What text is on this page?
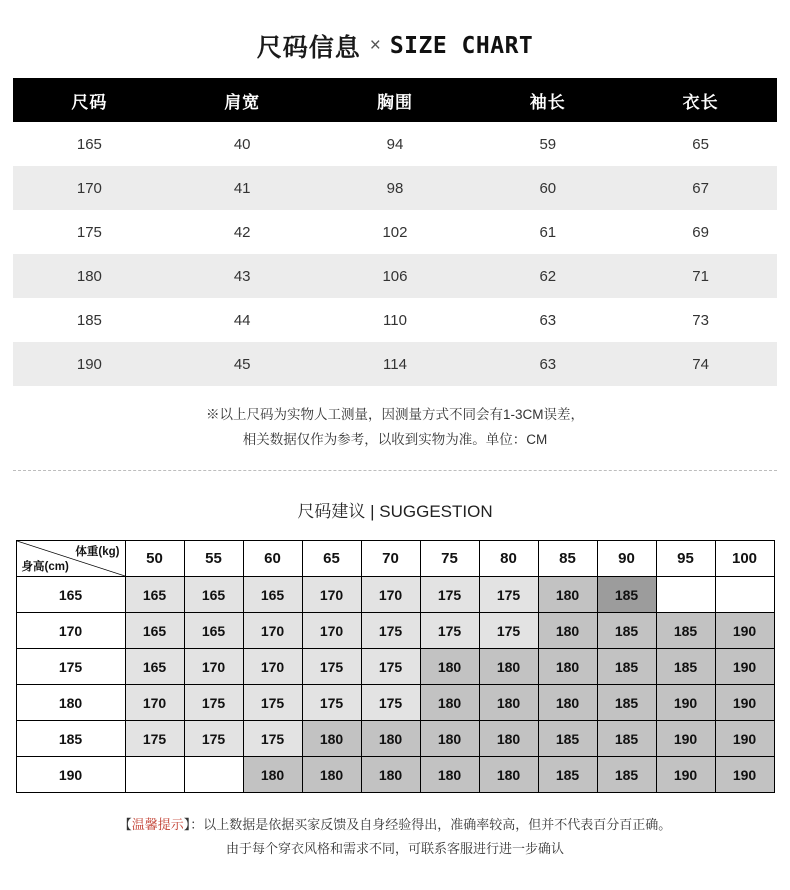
尺码信息 × SIZE CHART
尺码	肩宽	胸围	袖长	衣长
165	40	94	59	65
170	41	98	60	67
175	42	102	61	69
180	43	106	62	71
185	44	110	63	73
190	45	114	63	74
※以上尺码为实物人工测量，因测量方式不同会有1-3CM误差，
相关数据仅作为参考，以收到实物为准。单位：CM
尺码建议 | SUGGESTION
体重(kg)
身高(cm)	50	55	60	65	70	75	80	85	90	95	100
165	165	165	165	170	170	175	175	180	185		
170	165	165	170	170	175	175	175	180	185	185	190
175	165	170	170	175	175	180	180	180	185	185	190
180	170	175	175	175	175	180	180	180	185	190	190
185	175	175	175	180	180	180	180	185	185	190	190
190			180	180	180	180	180	185	185	190	190
【温馨提示】：以上数据是依据买家反馈及自身经验得出，准确率较高，但并不代表百分百正确。
由于每个穿衣风格和需求不同，可联系客服进行进一步确认
